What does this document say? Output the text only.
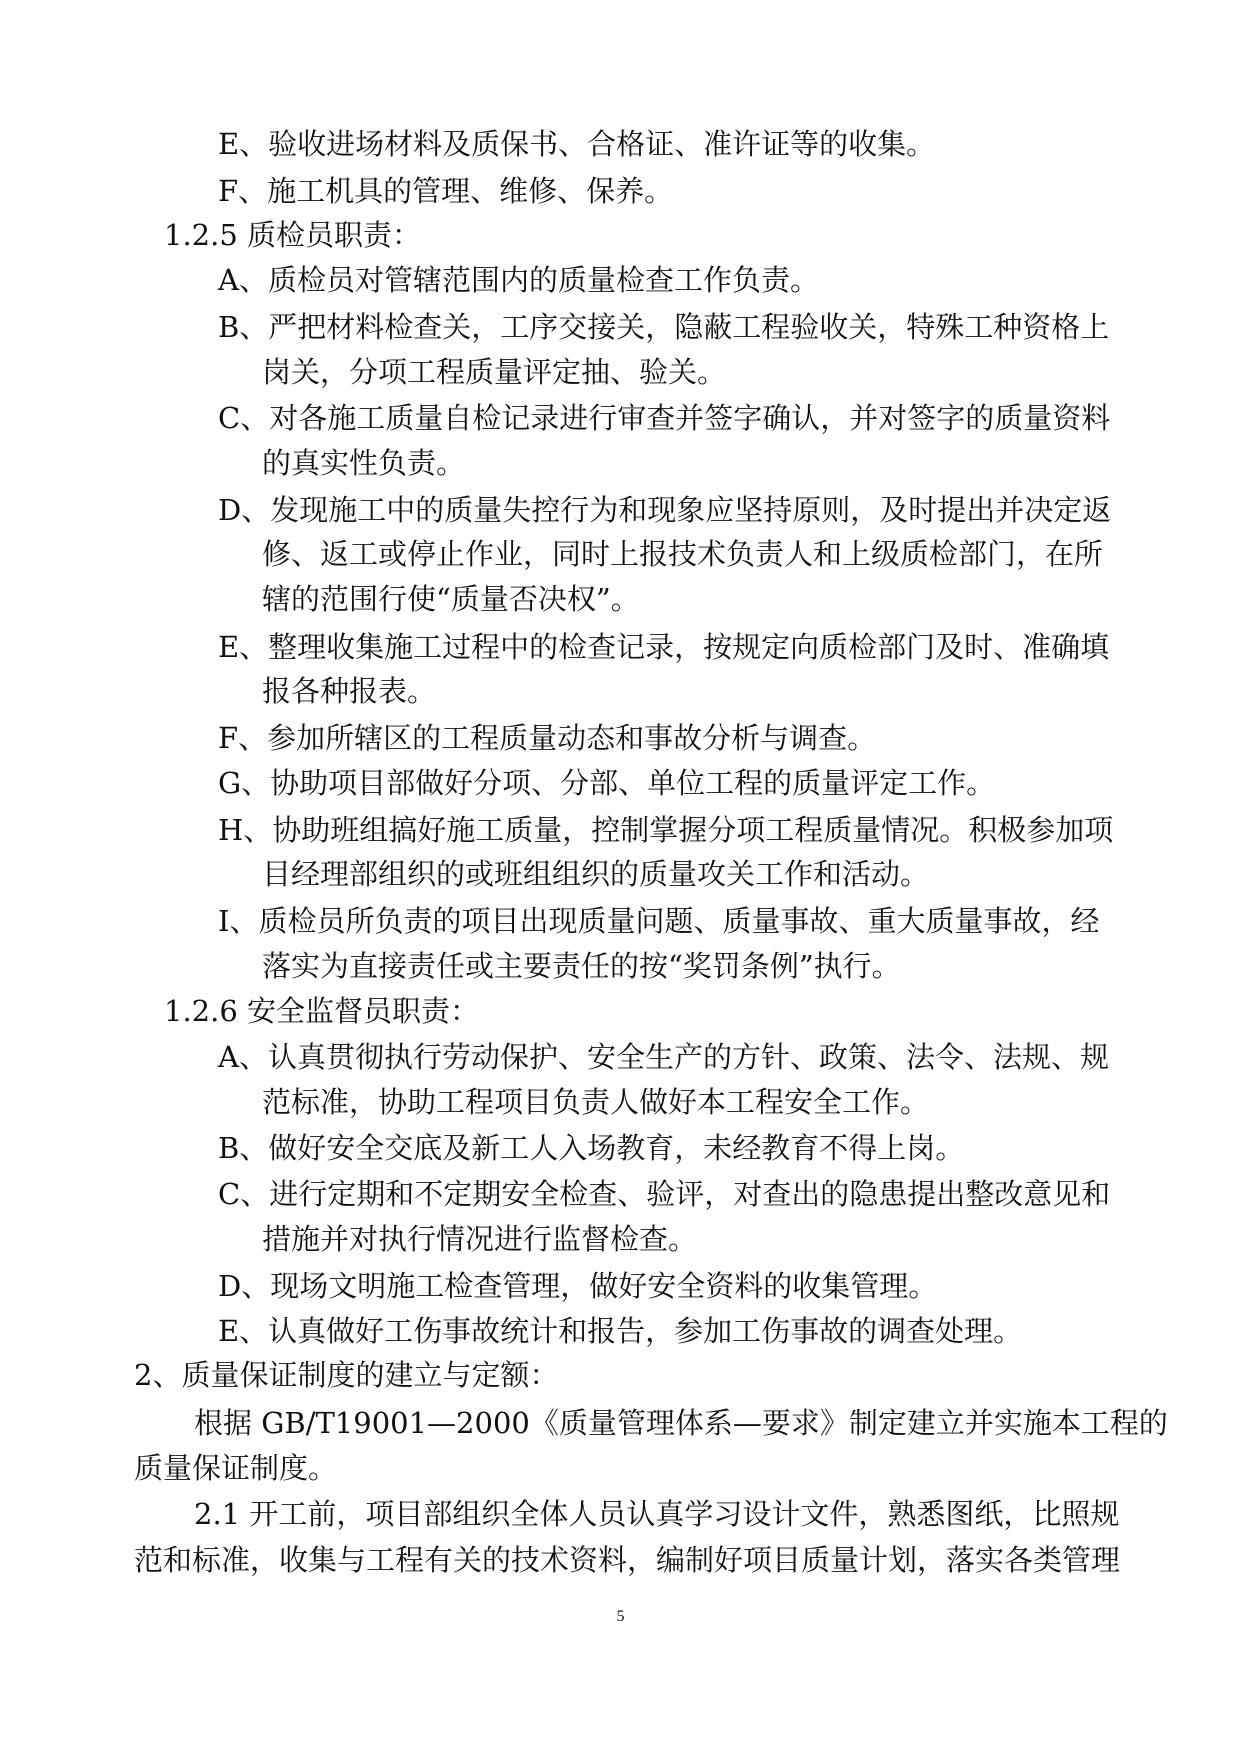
E、验收进场材料及质保书、合格证、准许证等的收集。
F、施工机具的管理、维修、保养。
1.2.5 质检员职责：
A、质检员对管辖范围内的质量检查工作负责。
B、严把材料检查关，工序交接关，隐蔽工程验收关，特殊工种资格上
岗关，分项工程质量评定抽、验关。
C、对各施工质量自检记录进行审查并签字确认，并对签字的质量资料
的真实性负责。
D、发现施工中的质量失控行为和现象应坚持原则，及时提出并决定返
修、返工或停止作业，同时上报技术负责人和上级质检部门，在所
辖的范围行使“质量否决权”。
E、整理收集施工过程中的检查记录，按规定向质检部门及时、准确填
报各种报表。
F、参加所辖区的工程质量动态和事故分析与调查。
G、协助项目部做好分项、分部、单位工程的质量评定工作。
H、协助班组搞好施工质量，控制掌握分项工程质量情况。积极参加项
目经理部组织的或班组组织的质量攻关工作和活动。
I、质检员所负责的项目出现质量问题、质量事故、重大质量事故，经
落实为直接责任或主要责任的按“奖罚条例”执行。
1.2.6 安全监督员职责：
A、认真贯彻执行劳动保护、安全生产的方针、政策、法令、法规、规
范标准，协助工程项目负责人做好本工程安全工作。
B、做好安全交底及新工人入场教育，未经教育不得上岗。
C、进行定期和不定期安全检查、验评，对查出的隐患提出整改意见和
措施并对执行情况进行监督检查。
D、现场文明施工检查管理，做好安全资料的收集管理。
E、认真做好工伤事故统计和报告，参加工伤事故的调查处理。
2、质量保证制度的建立与定额：
根据 GB/T19001—2000《质量管理体系—要求》制定建立并实施本工程的
质量保证制度。
2.1 开工前，项目部组织全体人员认真学习设计文件，熟悉图纸，比照规
范和标准，收集与工程有关的技术资料，编制好项目质量计划，落实各类管理
5
